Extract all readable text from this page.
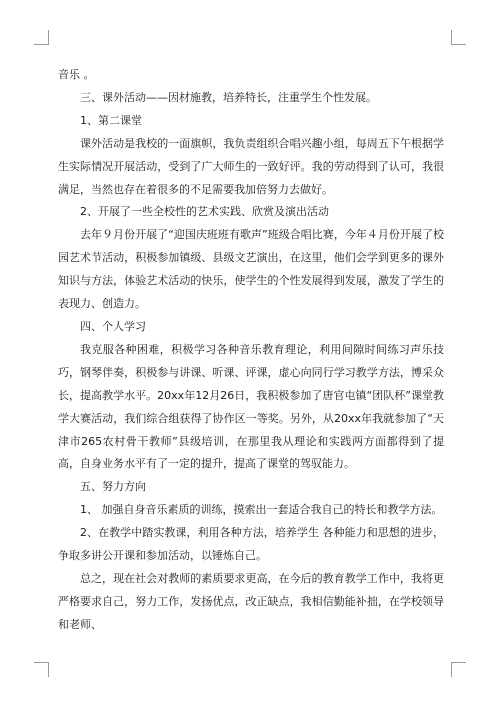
音乐 。

三、课外活动——因材施教，培养特长，注重学生个性发展。

1、第二课堂

课外活动是我校的一面旗帜，我负责组织合唱兴趣小组，每周五下午根据学生实际情况开展活动，受到了广大师生的一致好评。我的劳动得到了认可，我很满足，当然也存在着很多的不足需要我加倍努力去做好。

2、开展了一些全校性的艺术实践、欣赏及演出活动

去年９月份开展了“迎国庆班班有歌声”班级合唱比赛，今年４月份开展了校园艺术节活动，积极参加镇级、县级文艺演出，在这里，他们会学到更多的课外知识与方法，体验艺术活动的快乐，使学生的个性发展得到发展，激发了学生的表现力、创造力。

四、个人学习

我克服各种困难，积极学习各种音乐教育理论，利用间隙时间练习声乐技巧，钢琴伴奏，积极参与讲课、听课、评课，虚心向同行学习教学方法，博采众长，提高教学水平。20xx年12月26日，我积极参加了唐官屯镇“团队杯”课堂教学大赛活动，我们综合组获得了协作区一等奖。另外，从20xx年我就参加了“天津市265农村骨干教师”县级培训，在那里我从理论和实践两方面都得到了提高，自身业务水平有了一定的提升，提高了课堂的驾驭能力。

五、努力方向

1、 加强自身音乐素质的训练，摸索出一套适合我自己的特长和教学方法。

2、在教学中踏实教课，利用各种方法，培养学生 各种能力和思想的进步，争取多讲公开课和参加活动，以锤炼自己。

总之，现在社会对教师的素质要求更高，在今后的教育教学工作中，我将更严格要求自己，努力工作，发扬优点，改正缺点，我相信勤能补拙，在学校领导和老师、
